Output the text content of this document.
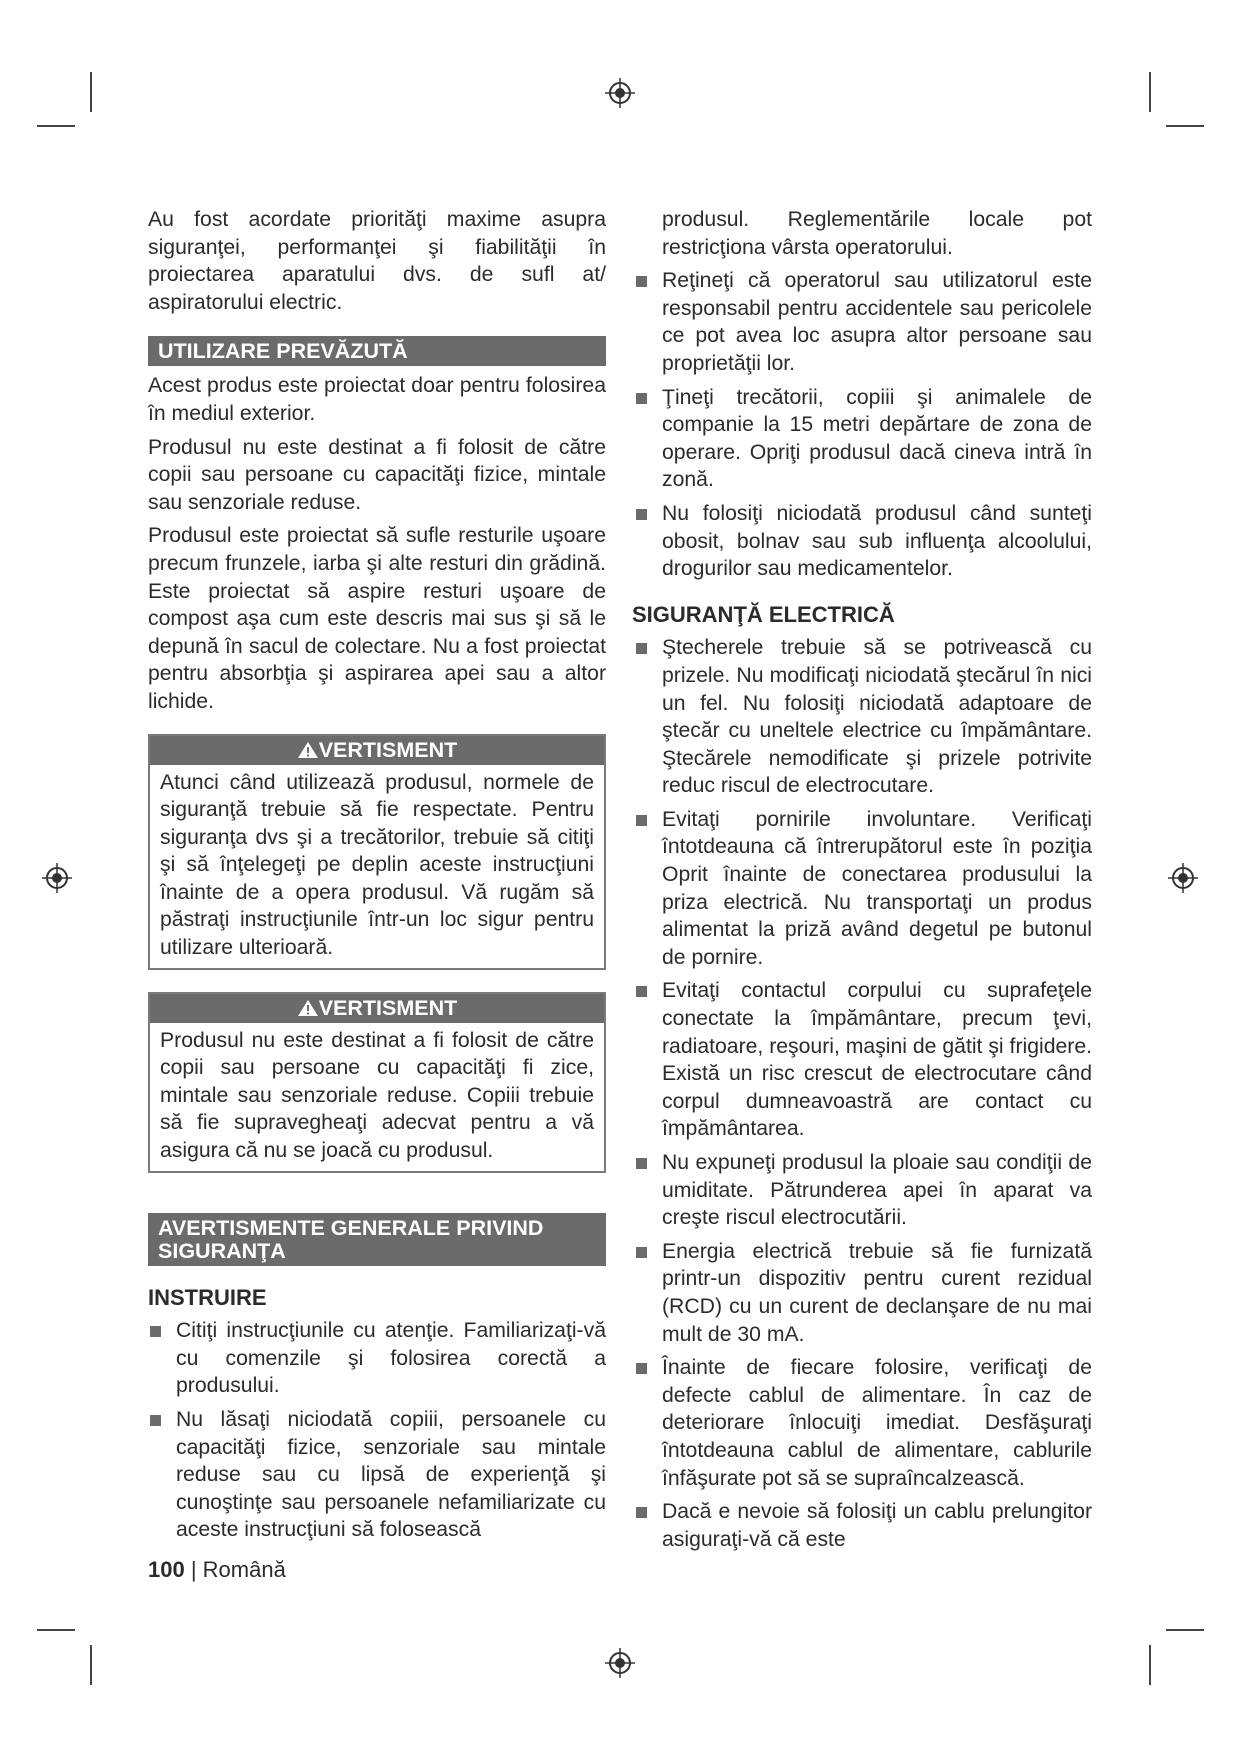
Au fost acordate priorităţi maxime asupra siguranţei, performanţei şi fiabilităţii în proiectarea aparatului dvs. de sufl at/ aspiratorului electric.

UTILIZARE PREVĂZUTĂ

Acest produs este proiectat doar pentru folosirea în mediul exterior.

Produsul nu este destinat a fi folosit de către copii sau persoane cu capacităţi fizice, mintale sau senzoriale reduse.

Produsul este proiectat să sufle resturile uşoare precum frunzele, iarba şi alte resturi din grădină. Este proiectat să aspire resturi uşoare de compost aşa cum este descris mai sus şi să le depună în sacul de colectare. Nu a fost proiectat pentru absorbţia şi aspirarea apei sau a altor lichide.

VERTISMENT
Atunci când utilizează produsul, normele de siguranţă trebuie să fie respectate. Pentru siguranţa dvs şi a trecătorilor, trebuie să citiţi şi să înţelegeţi pe deplin aceste instrucţiuni înainte de a opera produsul. Vă rugăm să păstraţi instrucţiunile într-un loc sigur pentru utilizare ulterioară.
VERTISMENT
Produsul nu este destinat a fi folosit de către copii sau persoane cu capacităţi fi zice, mintale sau senzoriale reduse. Copiii trebuie să fie supravegheaţi adecvat pentru a vă asigura că nu se joacă cu produsul.
AVERTISMENTE GENERALE PRIVIND SIGURANŢA
INSTRUIRE
Citiţi instrucţiunile cu atenţie. Familiarizaţi-vă cu comenzile şi folosirea corectă a produsului.
Nu lăsaţi niciodată copiii, persoanele cu capacităţi fizice, senzoriale sau mintale reduse sau cu lipsă de experienţă şi cunoştinţe sau persoanele nefamiliarizate cu aceste instrucţiuni să folosească

produsul. Reglementările locale pot restricţiona vârsta operatorului.

Reţineţi că operatorul sau utilizatorul este responsabil pentru accidentele sau pericolele ce pot avea loc asupra altor persoane sau proprietăţii lor.
Ţineţi trecătorii, copiii şi animalele de companie la 15 metri depărtare de zona de operare. Opriţi produsul dacă cineva intră în zonă.
Nu folosiţi niciodată produsul când sunteţi obosit, bolnav sau sub influenţa alcoolului, drogurilor sau medicamentelor.
SIGURANŢĂ ELECTRICĂ
Ştecherele trebuie să se potrivească cu prizele. Nu modificaţi niciodată ştecărul în nici un fel. Nu folosiţi niciodată adaptoare de ştecăr cu uneltele electrice cu împământare. Ştecărele nemodificate şi prizele potrivite reduc riscul de electrocutare.
Evitaţi pornirile involuntare. Verificaţi întotdeauna că întrerupătorul este în poziţia Oprit înainte de conectarea produsului la priza electrică. Nu transportaţi un produs alimentat la priză având degetul pe butonul de pornire.
Evitaţi contactul corpului cu suprafeţele conectate la împământare, precum ţevi, radiatoare, reşouri, maşini de gătit şi frigidere. Există un risc crescut de electrocutare când corpul dumneavoastră are contact cu împământarea.
Nu expuneţi produsul la ploaie sau condiţii de umiditate. Pătrunderea apei în aparat va creşte riscul electrocutării.
Energia electrică trebuie să fie furnizată printr-un dispozitiv pentru curent rezidual (RCD) cu un curent de declanşare de nu mai mult de 30 mA.
Înainte de fiecare folosire, verificaţi de defecte cablul de alimentare. În caz de deteriorare înlocuiţi imediat. Desfăşuraţi întotdeauna cablul de alimentare, cablurile înfăşurate pot să se supraîncalzească.
Dacă e nevoie să folosiţi un cablu prelungitor asiguraţi-vă că este
100 | Română
